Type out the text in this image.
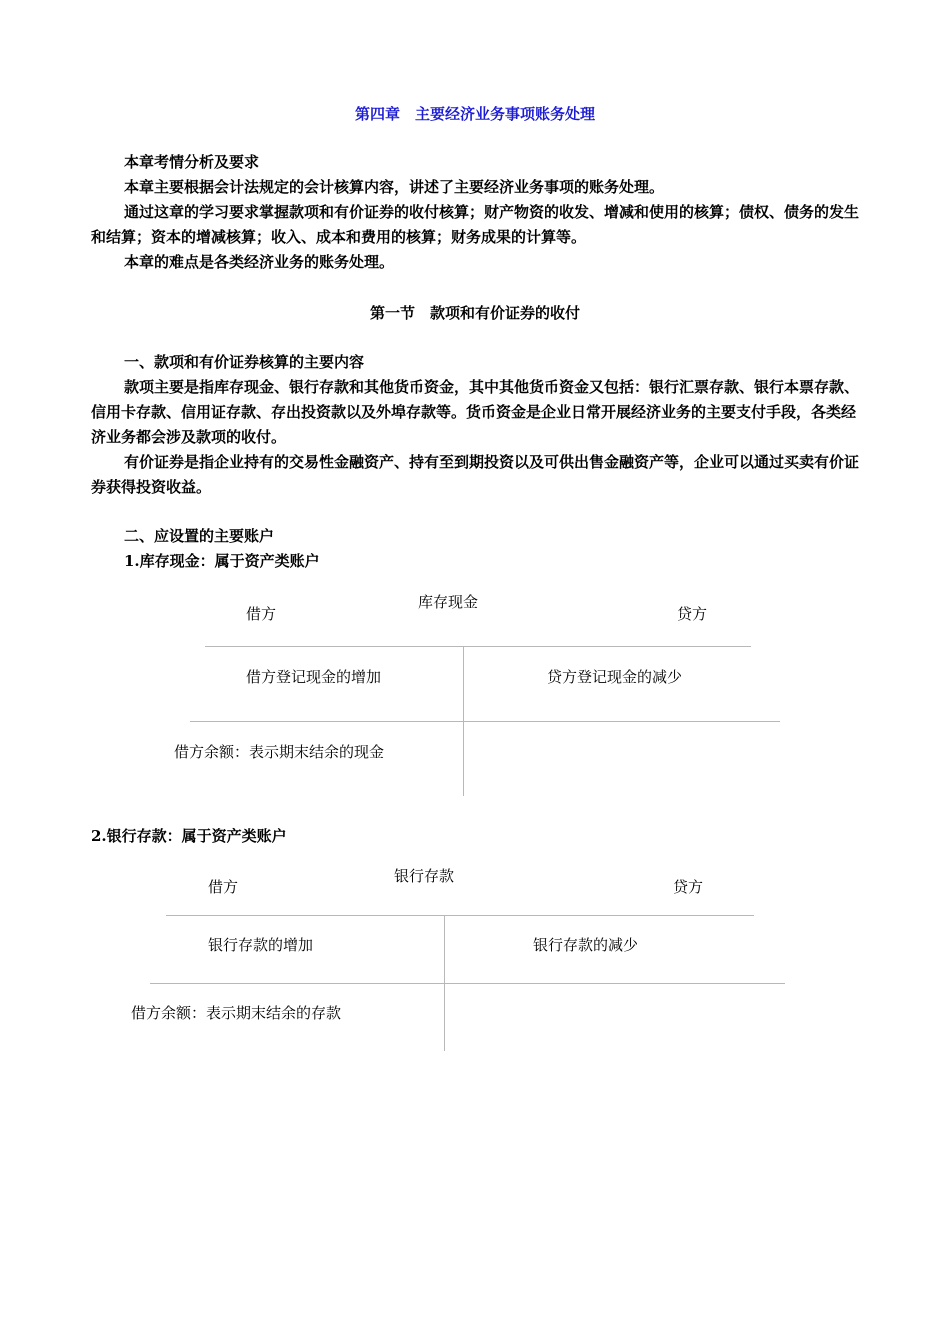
第四章　主要经济业务事项账务处理

本章考情分析及要求

本章主要根据会计法规定的会计核算内容，讲述了主要经济业务事项的账务处理。

通过这章的学习要求掌握款项和有价证券的收付核算；财产物资的收发、增减和使用的核算；债权、债务的发生和结算；资本的增减核算；收入、成本和费用的核算；财务成果的计算等。

本章的难点是各类经济业务的账务处理。

第一节　款项和有价证券的收付

一、款项和有价证券核算的主要内容

款项主要是指库存现金、银行存款和其他货币资金，其中其他货币资金又包括：银行汇票存款、银行本票存款、信用卡存款、信用证存款、存出投资款以及外埠存款等。货币资金是企业日常开展经济业务的主要支付手段，各类经济业务都会涉及款项的收付。

有价证券是指企业持有的交易性金融资产、持有至到期投资以及可供出售金融资产等，企业可以通过买卖有价证券获得投资收益。

二、应设置的主要账户

1.库存现金：属于资产类账户

库存现金
借方	贷方
借方登记现金的增加	贷方登记现金的减少
借方余额：表示期末结余的现金
2.银行存款：属于资产类账户
银行存款
借方	贷方
银行存款的增加	银行存款的减少
借方余额：表示期末结余的存款
